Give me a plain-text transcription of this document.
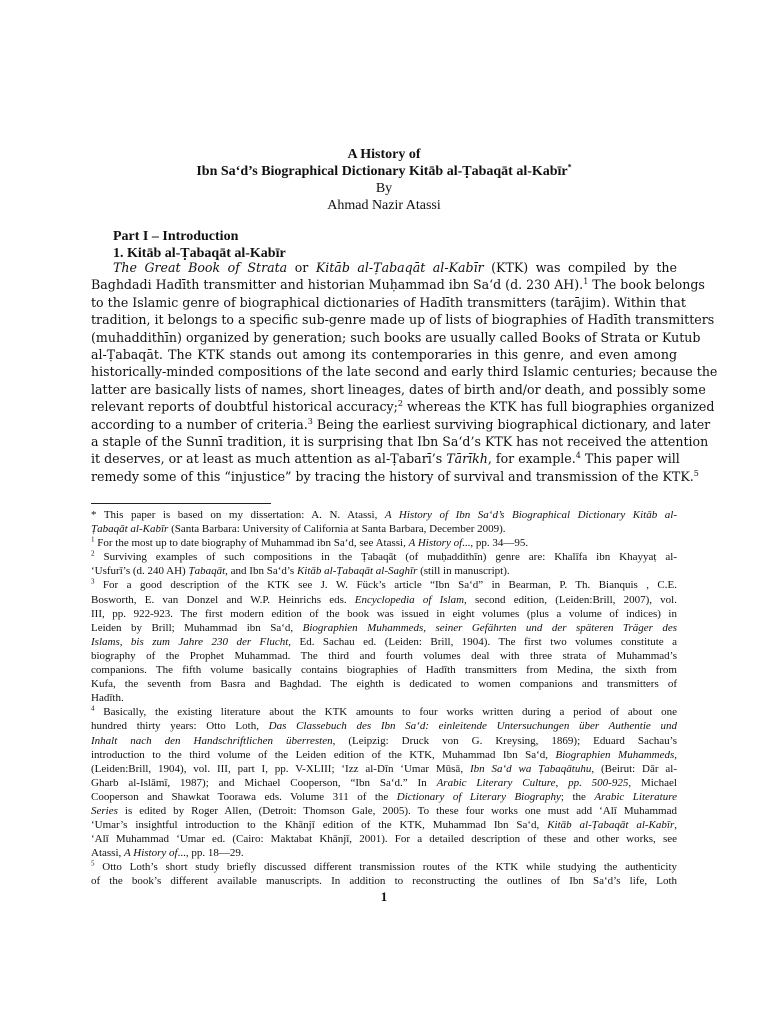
A History of
Ibn Sa‘d’s Biographical Dictionary Kitāb al-Ṭabaqāt al-Kabīr*
By
Ahmad Nazir Atassi
Part I – Introduction
1. Kitāb al-Ṭabaqāt al-Kabīr
The Great Book of Strata or Kitāb al-Ṭabaqāt al-Kabīr (KTK) was compiled by the
Baghdadi Hadīth transmitter and historian Muḥammad ibn Sa‘d (d. 230 AH).$^1$ The book belongs
to the Islamic genre of biographical dictionaries of Hadīth transmitters (tarājim). Within that
tradition, it belongs to a specific sub-genre made up of lists of biographies of Hadīth transmitters
(muhaddithīn) organized by generation; such books are usually called Books of Strata or Kutub
al-Ṭabaqāt. The KTK stands out among its contemporaries in this genre, and even among
historically-minded compositions of the late second and early third Islamic centuries; because the
latter are basically lists of names, short lineages, dates of birth and/or death, and possibly some
relevant reports of doubtful historical accuracy;$^2$ whereas the KTK has full biographies organized
according to a number of criteria.$^3$ Being the earliest surviving biographical dictionary, and later
a staple of the Sunnī tradition, it is surprising that Ibn Sa‘d’s KTK has not received the attention
it deserves, or at least as much attention as al-Ṭabarī’s Tārīkh, for example.$^4$ This paper will
remedy some of this “injustice” by tracing the history of survival and transmission of the KTK.$^5$
* This paper is based on my dissertation: A. N. Atassi, A History of Ibn Sa‘d’s Biographical Dictionary Kitāb al-
Ṭabaqāt al-Kabīr (Santa Barbara: University of California at Santa Barbara, December 2009).
$^1$ For the most up to date biography of Muhammad ibn Sa‘d, see Atassi, A History of..., pp. 34—95.
$^2$ Surviving examples of such compositions in the Ṭabaqāt (of muḥaddithīn) genre are: Khalīfa ibn Khayyaṭ al-
‘Usfurī’s (d. 240 AH) Ṭabaqāt, and Ibn Sa‘d’s Kitāb al-Ṭabaqāt al-Saghīr (still in manuscript).
$^3$ For a good description of the KTK see J. W. Fück’s article “Ibn Sa‘d” in Bearman, P. Th. Bianquis , C.E.
Bosworth, E. van Donzel and W.P. Heinrichs eds. Encyclopedia of Islam, second edition, (Leiden:Brill, 2007), vol.
III, pp. 922-923. The first modern edition of the book was issued in eight volumes (plus a volume of indices) in
Leiden by Brill; Muhammad ibn Sa‘d, Biographien Muhammeds, seiner Gefährten und der späteren Träger des
Islams, bis zum Jahre 230 der Flucht, Ed. Sachau ed. (Leiden: Brill, 1904). The first two volumes constitute a
biography of the Prophet Muhammad. The third and fourth volumes deal with three strata of Muhammad’s
companions. The fifth volume basically contains biographies of Hadīth transmitters from Medina, the sixth from
Kufa, the seventh from Basra and Baghdad. The eighth is dedicated to women companions and transmitters of
Hadīth.
$^4$ Basically, the existing literature about the KTK amounts to four works written during a period of about one
hundred thirty years: Otto Loth, Das Classebuch des Ibn Sa‘d: einleitende Untersuchungen über Authentie und
Inhalt nach den Handschriftlichen überresten, (Leipzig: Druck von G. Kreysing, 1869); Eduard Sachau’s
introduction to the third volume of the Leiden edition of the KTK, Muhammad Ibn Sa‘d, Biographien Muhammeds,
(Leiden:Brill, 1904), vol. III, part I, pp. V-XLIII; ‘Izz al-Dīn ‘Umar Mūsā, Ibn Sa‘d wa Ṭabaqātuhu, (Beirut: Dār al-
Gharb al-Islāmī, 1987); and Michael Cooperson, “Ibn Sa‘d.” In Arabic Literary Culture, pp. 500-925, Michael
Cooperson and Shawkat Toorawa eds. Volume 311 of the Dictionary of Literary Biography; the Arabic Literature
Series is edited by Roger Allen, (Detroit: Thomson Gale, 2005). To these four works one must add ‘Alī Muhammad
‘Umar’s insightful introduction to the Khānjī edition of the KTK, Muhammad Ibn Sa‘d, Kitāb al-Ṭabaqāt al-Kabīr,
‘Alī Muhammad ‘Umar ed. (Cairo: Maktabat Khānjī, 2001). For a detailed description of these and other works, see
Atassi, A History of..., pp. 18—29.
$^5$ Otto Loth’s short study briefly discussed different transmission routes of the KTK while studying the authenticity
of the book’s different available manuscripts. In addition to reconstructing the outlines of Ibn Sa‘d’s life, Loth
1
